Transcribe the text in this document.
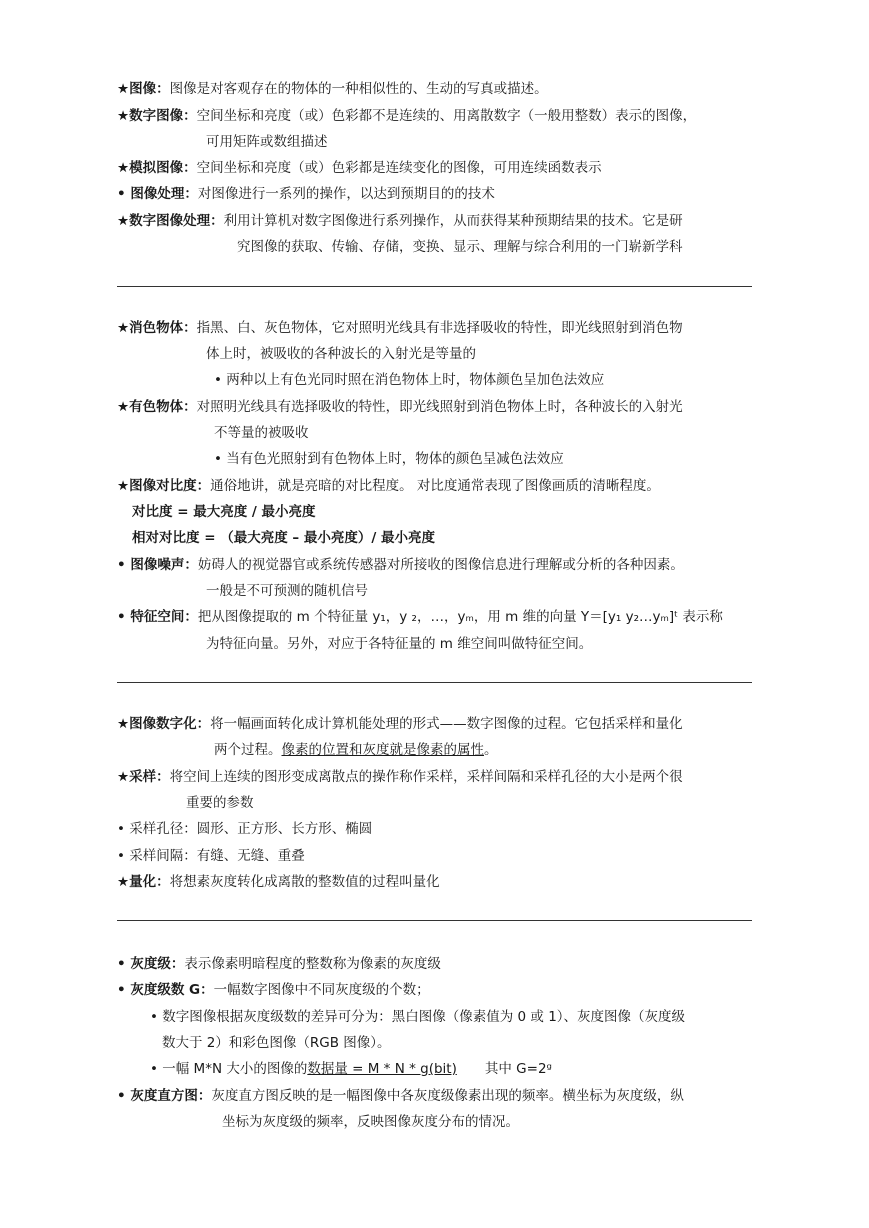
★图像：图像是对客观存在的物体的一种相似性的、生动的写真或描述。
★数字图像：空间坐标和亮度（或）色彩都不是连续的、用离散数字（一般用整数）表示的图像，
可用矩阵或数组描述
★模拟图像：空间坐标和亮度（或）色彩都是连续变化的图像，可用连续函数表示
• 图像处理：对图像进行一系列的操作，以达到预期目的的技术
★数字图像处理：利用计算机对数字图像进行系列操作，从而获得某种预期结果的技术。它是研
究图像的获取、传输、存储，变换、显示、理解与综合利用的一门崭新学科
★消色物体：指黑、白、灰色物体，它对照明光线具有非选择吸收的特性，即光线照射到消色物
体上时，被吸收的各种波长的入射光是等量的
• 两种以上有色光同时照在消色物体上时，物体颜色呈加色法效应
★有色物体：对照明光线具有选择吸收的特性，即光线照射到消色物体上时，各种波长的入射光
不等量的被吸收
• 当有色光照射到有色物体上时，物体的颜色呈减色法效应
★图像对比度：通俗地讲，就是亮暗的对比程度。 对比度通常表现了图像画质的清晰程度。
对比度 = 最大亮度 / 最小亮度
相对对比度 = （最大亮度 – 最小亮度）/ 最小亮度
• 图像噪声：妨碍人的视觉器官或系统传感器对所接收的图像信息进行理解或分析的各种因素。
一般是不可预测的随机信号
• 特征空间：把从图像提取的 m 个特征量 y₁，y ₂，…，yₘ，用 m 维的向量 Y＝[y₁ y₂…yₘ]ᵗ 表示称
为特征向量。另外，对应于各特征量的 m 维空间叫做特征空间。
★图像数字化：将一幅画面转化成计算机能处理的形式——数字图像的过程。它包括采样和量化
两个过程。像素的位置和灰度就是像素的属性。
★采样：将空间上连续的图形变成离散点的操作称作采样，采样间隔和采样孔径的大小是两个很
重要的参数
• 采样孔径：圆形、正方形、长方形、椭圆
• 采样间隔：有缝、无缝、重叠
★量化：将想素灰度转化成离散的整数值的过程叫量化
• 灰度级：表示像素明暗程度的整数称为像素的灰度级
• 灰度级数 G：一幅数字图像中不同灰度级的个数；
• 数字图像根据灰度级数的差异可分为：黑白图像（像素值为 0 或 1）、灰度图像（灰度级
数大于 2）和彩色图像（RGB 图像）。
• 一幅 M*N 大小的图像的数据量 = M * N * g(bit) 其中 G=2ᵍ
• 灰度直方图：灰度直方图反映的是一幅图像中各灰度级像素出现的频率。横坐标为灰度级，纵
坐标为灰度级的频率，反映图像灰度分布的情况。
